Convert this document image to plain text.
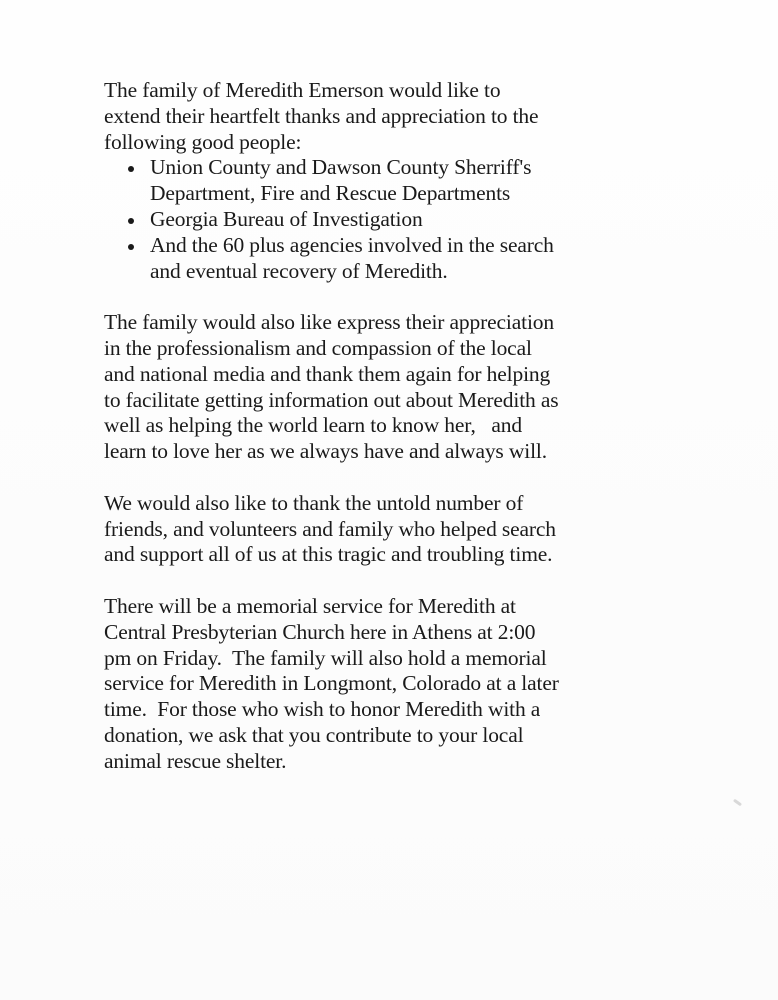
The family of Meredith Emerson would like to
extend their heartfelt thanks and appreciation to the
following good people:

Union County and Dawson County Sherriff's
Department, Fire and Rescue Departments
Georgia Bureau of Investigation
And the 60 plus agencies involved in the search
and eventual recovery of Meredith.

The family would also like express their appreciation
in the professionalism and compassion of the local
and national media and thank them again for helping
to facilitate getting information out about Meredith as
well as helping the world learn to know her,   and
learn to love her as we always have and always will.

We would also like to thank the untold number of
friends, and volunteers and family who helped search
and support all of us at this tragic and troubling time.

There will be a memorial service for Meredith at
Central Presbyterian Church here in Athens at 2:00
pm on Friday.  The family will also hold a memorial
service for Meredith in Longmont, Colorado at a later
time.  For those who wish to honor Meredith with a
donation, we ask that you contribute to your local
animal rescue shelter.
